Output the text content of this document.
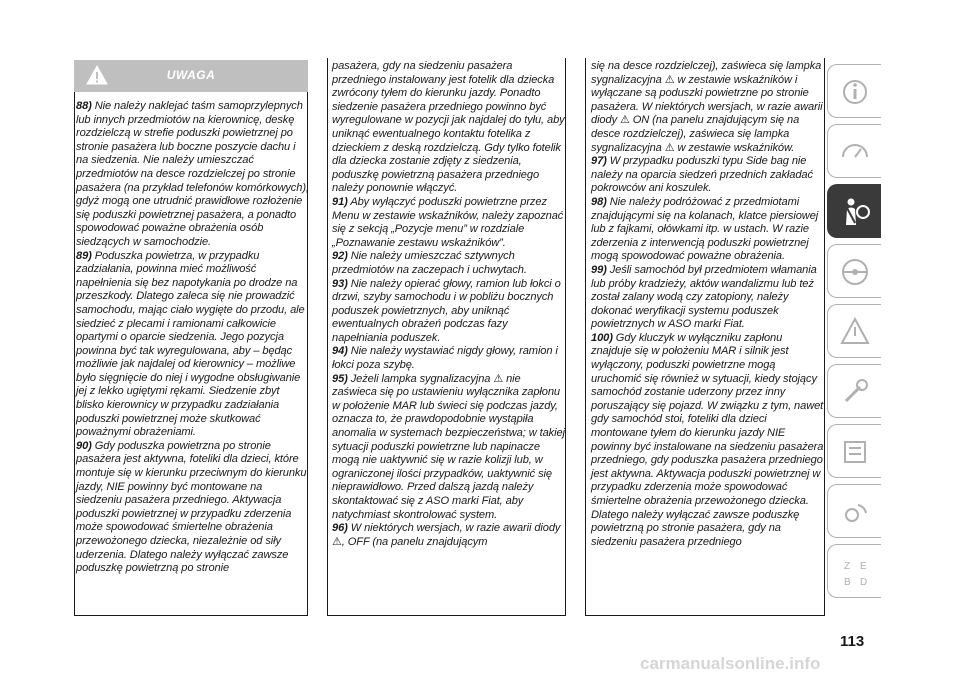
UWAGA

88) Nie należy naklejać taśm samoprzylepnych lub innych przedmiotów na kierownicę, deskę rozdzielczą w strefie poduszki powietrznej po stronie pasażera lub boczne poszycie dachu i na siedzenia. Nie należy umieszczać przedmiotów na desce rozdzielczej po stronie pasażera (na przykład telefonów komórkowych), gdyż mogą one utrudnić prawidłowe rozłożenie się poduszki powietrznej pasażera, a ponadto spowodować poważne obrażenia osób siedzących w samochodzie.

89) Poduszka powietrza, w przypadku zadziałania, powinna mieć możliwość napełnienia się bez napotykania po drodze na przeszkody. Dlatego zaleca się nie prowadzić samochodu, mając ciało wygięte do przodu, ale siedzieć z plecami i ramionami całkowicie opartymi o oparcie siedzenia. Jego pozycja powinna być tak wyregulowana, aby – będąc możliwie jak najdalej od kierownicy – możliwe było sięgnięcie do niej i wygodne obsługiwanie jej z lekko ugiętymi rękami. Siedzenie zbyt blisko kierownicy w przypadku zadziałania poduszki powietrznej może skutkować poważnymi obrażeniami.

90) Gdy poduszka powietrzna po stronie pasażera jest aktywna, foteliki dla dzieci, które montuje się w kierunku przeciwnym do kierunku jazdy, NIE powinny być montowane na siedzeniu pasażera przedniego. Aktywacja poduszki powietrznej w przypadku zderzenia może spowodować śmiertelne obrażenia przewożonego dziecka, niezależnie od siły uderzenia. Dlatego należy wyłączać zawsze poduszkę powietrzną po stronie

pasażera, gdy na siedzeniu pasażera przedniego instalowany jest fotelik dla dziecka zwrócony tyłem do kierunku jazdy. Ponadto siedzenie pasażera przedniego powinno być wyregulowane w pozycji jak najdalej do tyłu, aby uniknąć ewentualnego kontaktu fotelika z dzieckiem z deską rozdzielczą. Gdy tylko fotelik dla dziecka zostanie zdjęty z siedzenia, poduszkę powietrzną pasażera przedniego należy ponownie włączyć.

91) Aby wyłączyć poduszki powietrzne przez Menu w zestawie wskaźników, należy zapoznać się z sekcją „Pozycje menu” w rozdziale „Poznawanie zestawu wskaźników”.

92) Nie należy umieszczać sztywnych przedmiotów na zaczepach i uchwytach.

93) Nie należy opierać głowy, ramion lub łokci o drzwi, szyby samochodu i w pobliżu bocznych poduszek powietrznych, aby uniknąć ewentualnych obrażeń podczas fazy napełniania poduszek.

94) Nie należy wystawiać nigdy głowy, ramion i łokci poza szybę.

95) Jeżeli lampka sygnalizacyjna ⚠ nie zaświeca się po ustawieniu wyłącznika zapłonu w położenie MAR lub świeci się podczas jazdy, oznacza to, że prawdopodobnie wystąpiła anomalia w systemach bezpieczeństwa; w takiej sytuacji poduszki powietrzne lub napinacze mogą nie uaktywnić się w razie kolizji lub, w ograniczonej ilości przypadków, uaktywnić się nieprawidłowo. Przed dalszą jazdą należy skontaktować się z ASO marki Fiat, aby natychmiast skontrolować system.

96) W niektórych wersjach, w razie awarii diody ⚠, OFF (na panelu znajdującym

się na desce rozdzielczej), zaświeca się lampka sygnalizacyjna ⚠ w zestawie wskaźników i wyłączane są poduszki powietrzne po stronie pasażera. W niektórych wersjach, w razie awarii diody ⚠ ON (na panelu znajdującym się na desce rozdzielczej), zaświeca się lampka sygnalizacyjna ⚠ w zestawie wskaźników.

97) W przypadku poduszki typu Side bag nie należy na oparcia siedzeń przednich zakładać pokrowców ani koszulek.

98) Nie należy podróżować z przedmiotami znajdującymi się na kolanach, klatce piersiowej lub z fajkami, ołówkami itp. w ustach. W razie zderzenia z interwencją poduszki powietrznej mogą spowodować poważne obrażenia.

99) Jeśli samochód był przedmiotem włamania lub próby kradzieży, aktów wandalizmu lub też został zalany wodą czy zatopiony, należy dokonać weryfikacji systemu poduszek powietrznych w ASO marki Fiat.

100) Gdy kluczyk w wyłączniku zapłonu znajduje się w położeniu MAR i silnik jest wyłączony, poduszki powietrzne mogą uruchomić się również w sytuacji, kiedy stojący samochód zostanie uderzony przez inny poruszający się pojazd. W związku z tym, nawet gdy samochód stoi, foteliki dla dzieci montowane tyłem do kierunku jazdy NIE powinny być instalowane na siedzeniu pasażera przedniego, gdy poduszka pasażera przedniego jest aktywna. Aktywacja poduszki powietrznej w przypadku zderzenia może spowodować śmiertelne obrażenia przewożonego dziecka. Dlatego należy wyłączać zawsze poduszkę powietrzną po stronie pasażera, gdy na siedzeniu pasażera przedniego

Z E
B D
113
carmanualsonline.info
